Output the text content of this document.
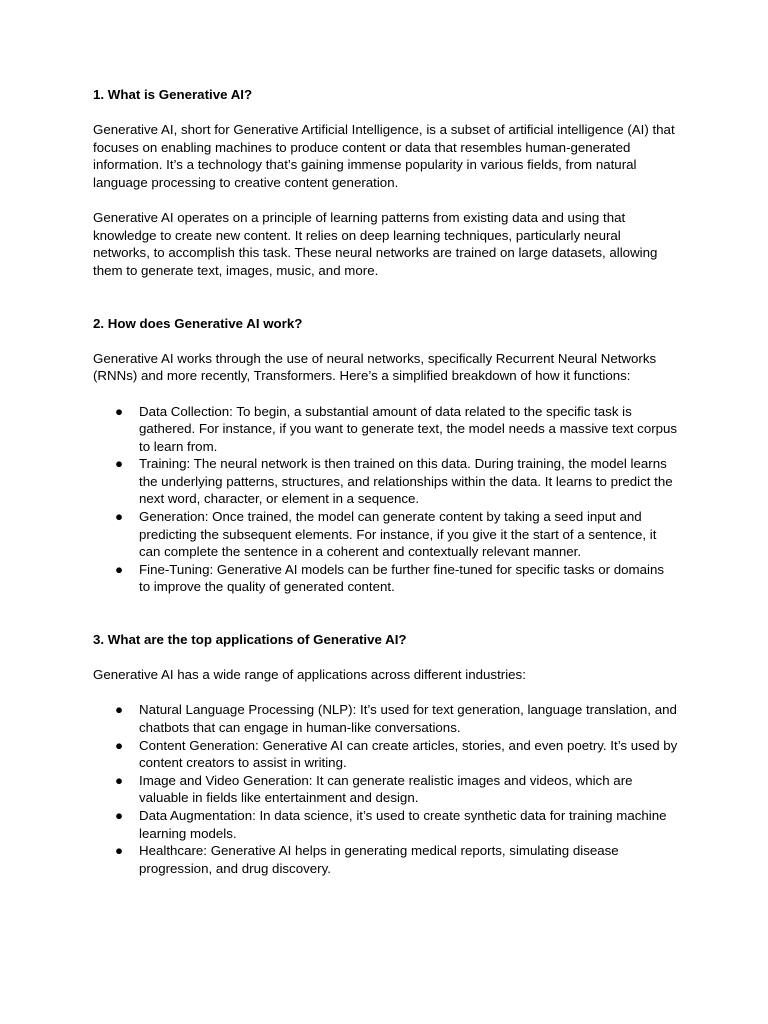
1. What is Generative AI?

Generative AI, short for Generative Artificial Intelligence, is a subset of artificial intelligence (AI) that focuses on enabling machines to produce content or data that resembles human-generated information. It’s a technology that’s gaining immense popularity in various fields, from natural language processing to creative content generation.

Generative AI operates on a principle of learning patterns from existing data and using that knowledge to create new content. It relies on deep learning techniques, particularly neural networks, to accomplish this task. These neural networks are trained on large datasets, allowing them to generate text, images, music, and more.

2. How does Generative AI work?

Generative AI works through the use of neural networks, specifically Recurrent Neural Networks (RNNs) and more recently, Transformers. Here’s a simplified breakdown of how it functions:

● Data Collection: To begin, a substantial amount of data related to the specific task is gathered. For instance, if you want to generate text, the model needs a massive text corpus to learn from.
● Training: The neural network is then trained on this data. During training, the model learns the underlying patterns, structures, and relationships within the data. It learns to predict the next word, character, or element in a sequence.
● Generation: Once trained, the model can generate content by taking a seed input and predicting the subsequent elements. For instance, if you give it the start of a sentence, it can complete the sentence in a coherent and contextually relevant manner.
● Fine-Tuning: Generative AI models can be further fine-tuned for specific tasks or domains to improve the quality of generated content.
3. What are the top applications of Generative AI?

Generative AI has a wide range of applications across different industries:

● Natural Language Processing (NLP): It’s used for text generation, language translation, and chatbots that can engage in human-like conversations.
● Content Generation: Generative AI can create articles, stories, and even poetry. It’s used by content creators to assist in writing.
● Image and Video Generation: It can generate realistic images and videos, which are valuable in fields like entertainment and design.
● Data Augmentation: In data science, it’s used to create synthetic data for training machine learning models.
● Healthcare: Generative AI helps in generating medical reports, simulating disease progression, and drug discovery.
